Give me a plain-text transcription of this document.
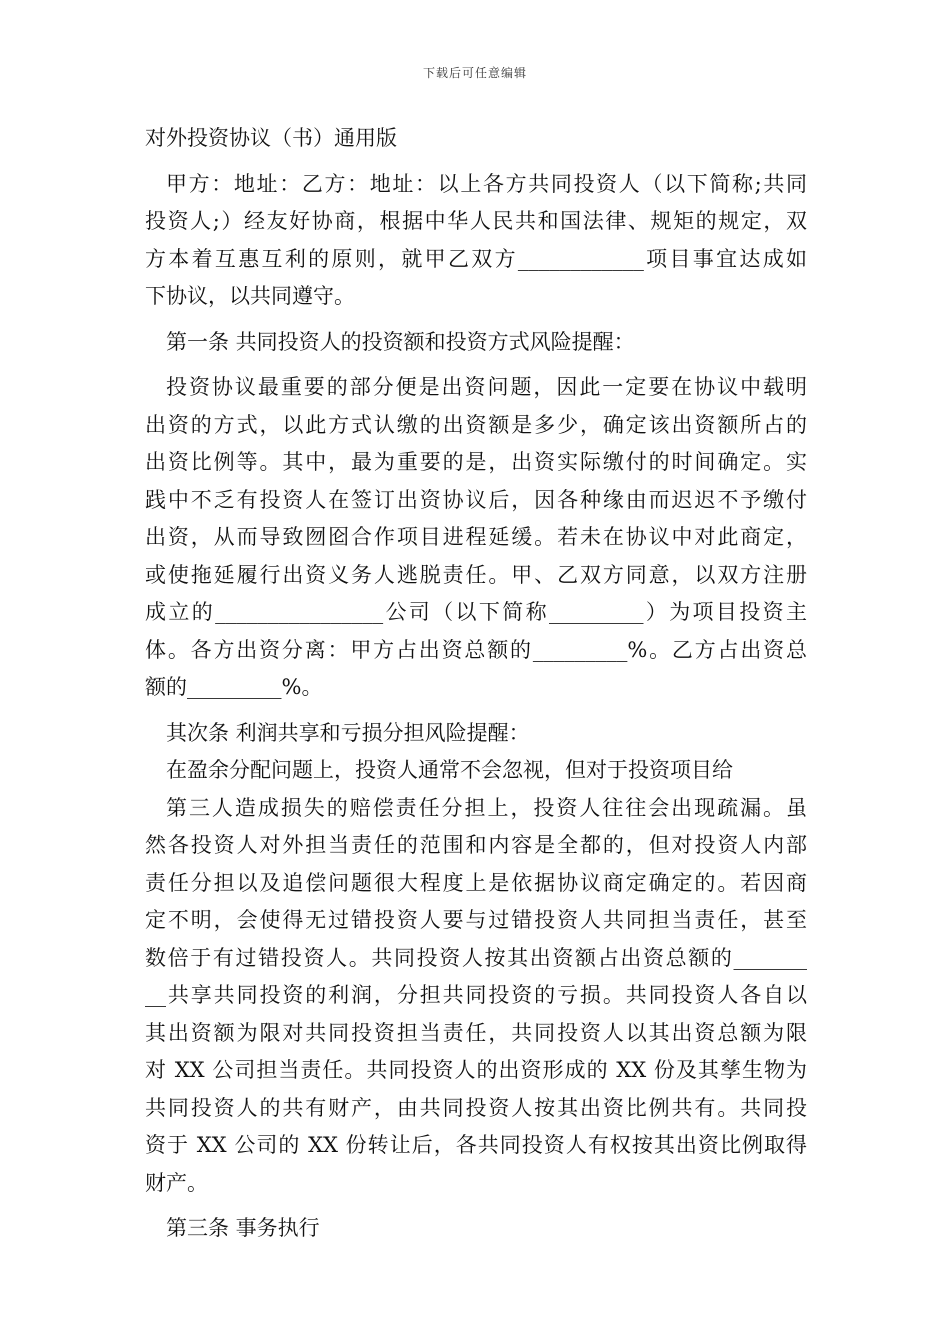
下载后可任意编辑
对外投资协议（书）通用版
甲方：地址：乙方：地址：以上各方共同投资人（以下简称;共同
投资人;）经友好协商，根据中华人民共和国法律、规矩的规定，双
方本着互惠互利的原则，就甲乙双方____________项目事宜达成如
下协议，以共同遵守。
第一条 共同投资人的投资额和投资方式风险提醒：
投资协议最重要的部分便是出资问题，因此一定要在协议中载明
出资的方式，以此方式认缴的出资额是多少，确定该出资额所占的
出资比例等。其中，最为重要的是，出资实际缴付的时间确定。实
践中不乏有投资人在签订出资协议后，因各种缘由而迟迟不予缴付
出资，从而导致囫囵合作项目进程延缓。若未在协议中对此商定，
或使拖延履行出资义务人逃脱责任。甲、乙双方同意，以双方注册
成立的________________公司（以下简称_________）为项目投资主
体。各方出资分离：甲方占出资总额的_________%。乙方占出资总
额的_________%。
其次条 利润共享和亏损分担风险提醒：
在盈余分配问题上，投资人通常不会忽视，但对于投资项目给
第三人造成损失的赔偿责任分担上，投资人往往会出现疏漏。虽
然各投资人对外担当责任的范围和内容是全都的，但对投资人内部
责任分担以及追偿问题很大程度上是依据协议商定确定的。若因商
定不明，会使得无过错投资人要与过错投资人共同担当责任，甚至
数倍于有过错投资人。共同投资人按其出资额占出资总额的_______
__共享共同投资的利润，分担共同投资的亏损。共同投资人各自以
其出资额为限对共同投资担当责任，共同投资人以其出资总额为限
对 XX 公司担当责任。共同投资人的出资形成的 XX 份及其孳生物为
共同投资人的共有财产，由共同投资人按其出资比例共有。共同投
资于 XX 公司的 XX 份转让后，各共同投资人有权按其出资比例取得
财产。
第三条 事务执行
